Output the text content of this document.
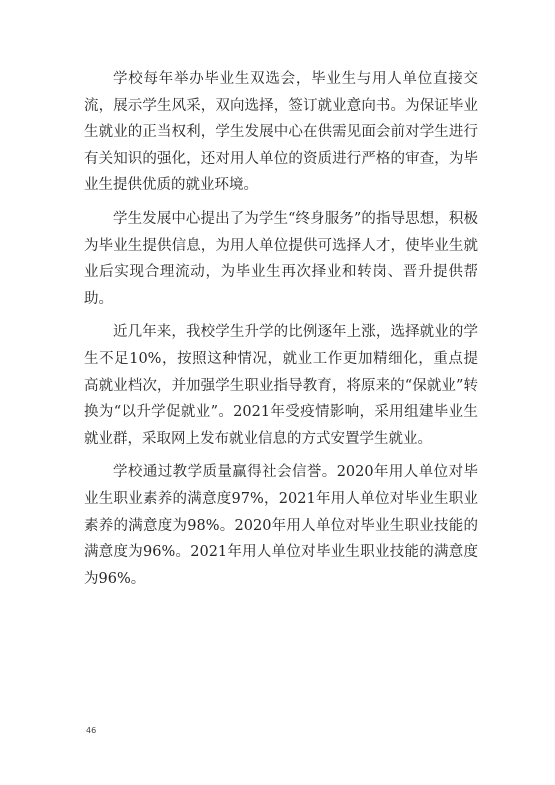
学校每年举办毕业生双选会，毕业生与用人单位直接交流，展示学生风采，双向选择，签订就业意向书。为保证毕业生就业的正当权利，学生发展中心在供需见面会前对学生进行有关知识的强化，还对用人单位的资质进行严格的审查，为毕业生提供优质的就业环境。

学生发展中心提出了为学生“终身服务”的指导思想，积极为毕业生提供信息，为用人单位提供可选择人才，使毕业生就业后实现合理流动，为毕业生再次择业和转岗、晋升提供帮助。

近几年来，我校学生升学的比例逐年上涨，选择就业的学生不足10%，按照这种情况，就业工作更加精细化，重点提高就业档次，并加强学生职业指导教育，将原来的“保就业”转换为“以升学促就业”。2021年受疫情影响，采用组建毕业生就业群，采取网上发布就业信息的方式安置学生就业。

学校通过教学质量赢得社会信誉。2020年用人单位对毕业生职业素养的满意度97%，2021年用人单位对毕业生职业素养的满意度为98%。2020年用人单位对毕业生职业技能的满意度为96%。2021年用人单位对毕业生职业技能的满意度为96%。

46
